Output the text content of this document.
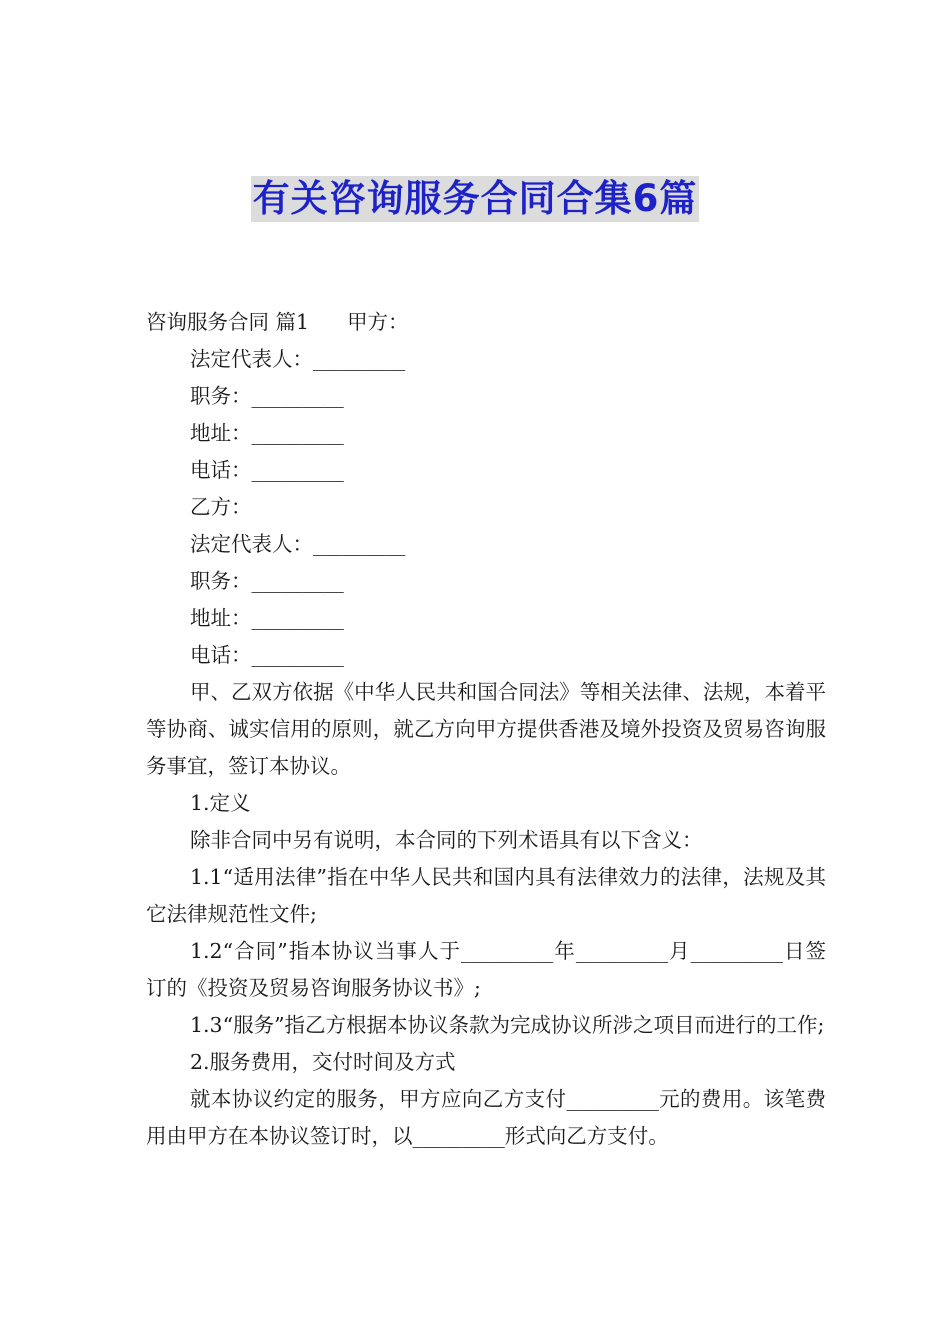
有关咨询服务合同合集6篇

咨询服务合同 篇1 甲方：

法定代表人：_________

职务：_________

地址：_________

电话：_________

乙方：

法定代表人：_________

职务：_________

地址：_________

电话：_________

甲、乙双方依据《中华人民共和国合同法》等相关法律、法规，本着平等协商、诚实信用的原则，就乙方向甲方提供香港及境外投资及贸易咨询服务事宜，签订本协议。

1.定义

除非合同中另有说明，本合同的下列术语具有以下含义：

1.1“适用法律”指在中华人民共和国内具有法律效力的法律，法规及其它法律规范性文件;

1.2“合同”指本协议当事人于_________年_________月_________日签订的《投资及贸易咨询服务协议书》;

1.3“服务”指乙方根据本协议条款为完成协议所涉之项目而进行的工作;

2.服务费用，交付时间及方式

就本协议约定的服务，甲方应向乙方支付_________元的费用。该笔费用由甲方在本协议签订时，以_________形式向乙方支付。
